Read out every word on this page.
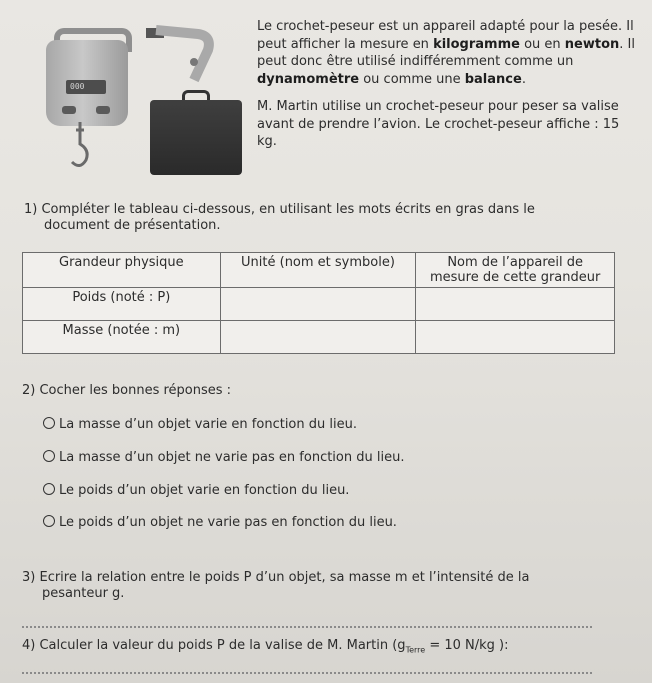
000

Le crochet-peseur est un appareil adapté pour la pesée. Il peut afficher la mesure en kilogramme ou en newton. Il peut donc être utilisé indifféremment comme un dynamomètre ou comme une balance.

M. Martin utilise un crochet-peseur pour peser sa valise avant de prendre l’avion. Le crochet-peseur affiche : 15 kg.

1) Compléter le tableau ci-dessous, en utilisant les mots écrits en gras dans le
document de présentation.
Grandeur physique	Unité (nom et symbole)	Nom de l’appareil de mesure de cette grandeur
Poids (noté : P)		
Masse (notée : m)		
2) Cocher les bonnes réponses :
La masse d’un objet varie en fonction du lieu.
La masse d’un objet ne varie pas en fonction du lieu.
Le poids d’un objet varie en fonction du lieu.
Le poids d’un objet ne varie pas en fonction du lieu.
3) Ecrire la relation entre le poids P d’un objet, sa masse m et l’intensité de la
pesanteur g.
4) Calculer la valeur du poids P de la valise de M. Martin ($g_{Terre} = 10$ N/kg ):
